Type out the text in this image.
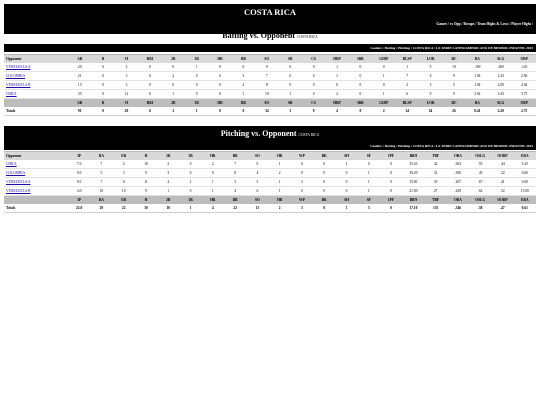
COSTA RICA
Games / vs Opp / Recaps / Team Highs & Lows / Player Highs /
Batting vs. Opponent COSTA RICA
Leaders / Batting / Pitching / COSTA RICA / LX SERIE LATINOAMERICANO DE BEISBOL INFANTIL 2023
Opponent	AB	R	H	RBI	2B	3B	HR	BB	SO	SB	CS	HBP	IBB	GIDP	RLSP	LOB	BC	BA	SLG	OBP
VENEZUELA A	20	0	2	0	0	1	0	0	9	0	0	1	0	0	1	5	10	.100	.200	.143
COLOMBIA	21	0	3	0	2	0	0	3	7	0	0	1	0	1	7	6	9	1.94	2.43	2.56
VENEZUELA B	15	0	3	0	0	0	0	2	8	0	0	0	0	0	2	5	5	1.94	2.00	2.94
CHILE	35	0	12	6	1	0	0	1	10	1	0	2	0	1	6	9	9	3.92	3.43	3.75
	AB	R	H	RBI	2B	3B	HR	BB	SO	SB	CS	HBP	IBB	GIDP	RLSP	LOB	BC	BA	SLG	OBP
Totals	91	0	20	6	3	1	0	6	34	1	0	4	0	2	14	24	26	0.41	2.20	2.75
Pitching vs. Opponent COSTA RICA
Leaders / Batting / Pitching / COSTA RICA / LX SERIE LATINOAMERICANO DE BEISBOL INFANTIL 2023
Opponent	IP	RA	ER	H	2B	3B	HR	BB	SO	HB	WP	BK	SH	SF	IPF	BB/9	TBF	OBA	OSLG	OOBP	ERA
CHILE	7.0	7	4	10	2	0	2	7	0	1	0	0	1	0	0	35.43	42	.303	.55	.44	3.43
COLOMBIA	9.0	5	3	0	3	0	0	8	4	2	0	0	0	1	0	39.29	31	.300	.45	.52	6.00
VENEZUELA A	0.0	7	0	11	4	1	1	3	3	1	3	0	0	1	0	15.00	35	.267	.67	.41	6.00
VENEZUELA B	4.0	10	10	9	1	0	1	4	6	1	0	0	0	1	0	21.00	27	.429	.62	.52	15.00
	IP	RA	ER	H	2B	3B	HR	BB	SO	HB	WP	BK	SH	SF	IPF	BB/9	TBF	OBA	OSLG	OOBP	ERA
Totals	22.0	29	22	30	10	1	4	22	13	2	3	0	1	3	0	17.10	135	.346	.58	.47	0.61
